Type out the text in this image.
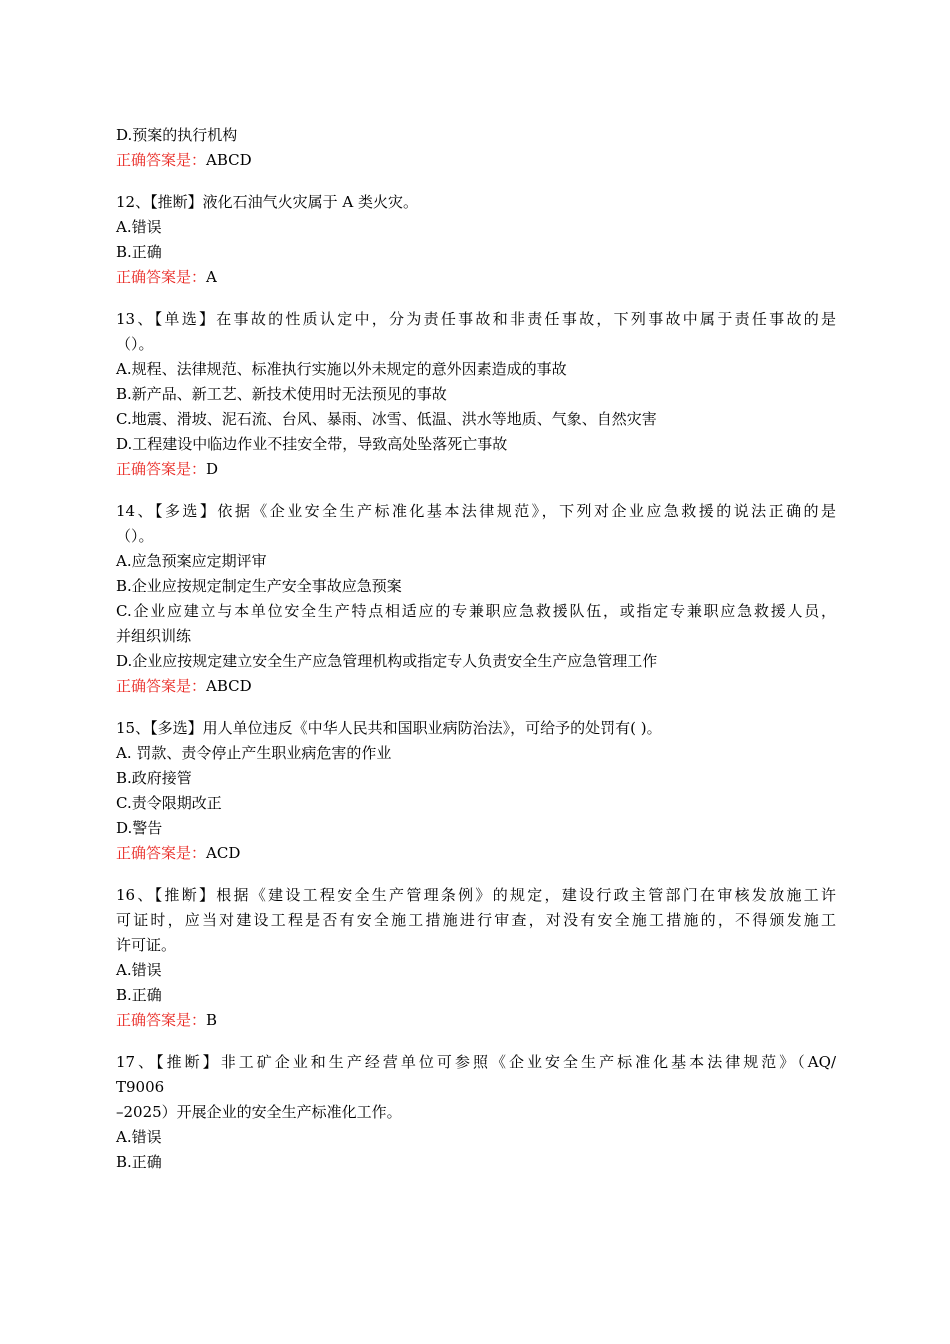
D.预案的执行机构
正确答案是：ABCD
12、【推断】液化石油气火灾属于 A 类火灾。
A.错误
B.正确
正确答案是：A
13、【单选】在事故的性质认定中，分为责任事故和非责任事故，下列事故中属于责任事故的是
（）。
A.规程、法律规范、标准执行实施以外未规定的意外因素造成的事故
B.新产品、新工艺、新技术使用时无法预见的事故
C.地震、滑坡、泥石流、台风、暴雨、冰雪、低温、洪水等地质、气象、自然灾害
D.工程建设中临边作业不挂安全带，导致高处坠落死亡事故
正确答案是：D
14、【多选】依据《企业安全生产标准化基本法律规范》，下列对企业应急救援的说法正确的是
（）。
A.应急预案应定期评审
B.企业应按规定制定生产安全事故应急预案
C.企业应建立与本单位安全生产特点相适应的专兼职应急救援队伍，或指定专兼职应急救援人员，
并组织训练
D.企业应按规定建立安全生产应急管理机构或指定专人负责安全生产应急管理工作
正确答案是：ABCD
15、【多选】用人单位违反《中华人民共和国职业病防治法》，可给予的处罚有( )。
A. 罚款、责令停止产生职业病危害的作业
B.政府接管
C.责令限期改正
D.警告
正确答案是：ACD
16、【推断】根据《建设工程安全生产管理条例》的规定，建设行政主管部门在审核发放施工许
可证时，应当对建设工程是否有安全施工措施进行审查，对没有安全施工措施的，不得颁发施工
许可证。
A.错误
B.正确
正确答案是：B
17、【推断】非工矿企业和生产经营单位可参照《企业安全生产标准化基本法律规范》（AQ/
T9006
–2025）开展企业的安全生产标准化工作。
A.错误
B.正确
